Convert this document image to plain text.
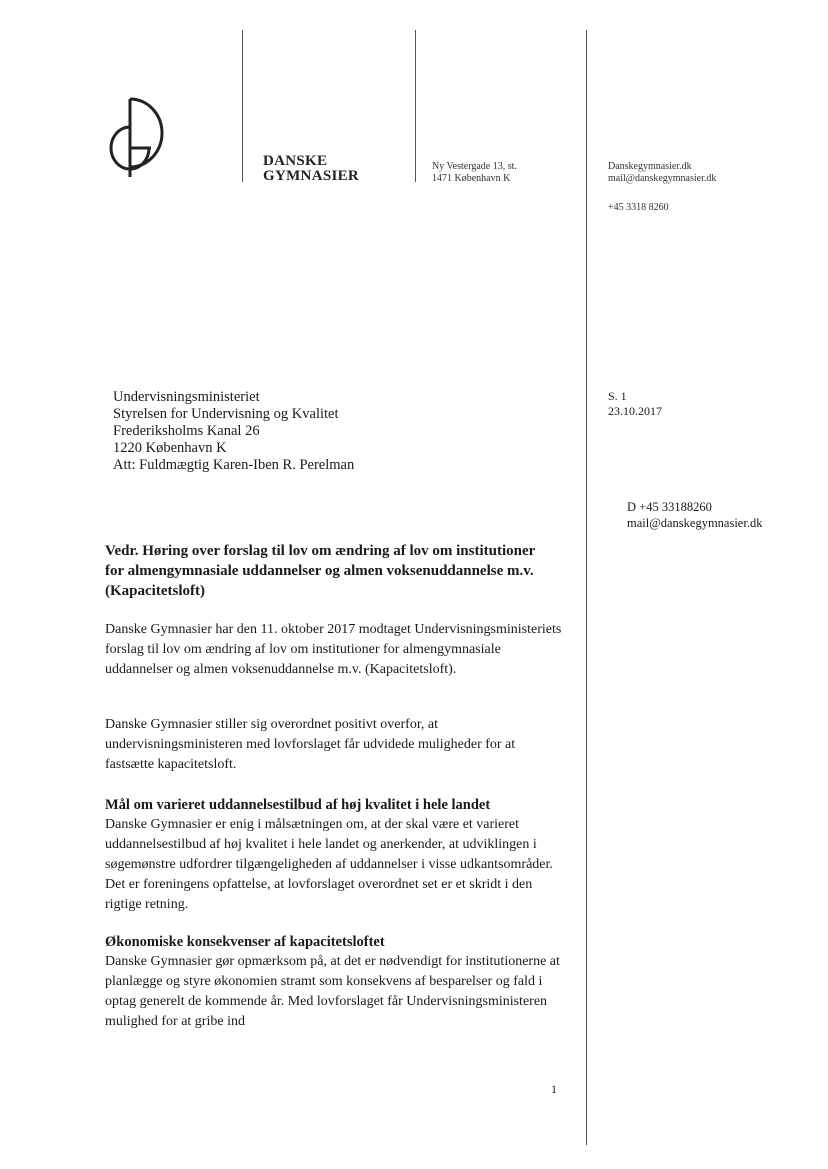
DANSKE
GYMNASIER
Ny Vestergade 13, st.
1471 København K
Danskegymnasier.dk
mail@danskegymnasier.dk
+45 3318 8260
Undervisningsministeriet
Styrelsen for Undervisning og Kvalitet
Frederiksholms Kanal 26
1220 København K
Att: Fuldmægtig Karen-Iben R. Perelman
S. 1
23.10.2017
D +45 33188260
mail@danskegymnasier.dk
Vedr. Høring over forslag til lov om ændring af lov om institutioner for almengymnasiale uddannelser og almen voksenuddannelse m.v. (Kapacitetsloft)
Danske Gymnasier har den 11. oktober 2017 modtaget Undervisningsministeriets forslag til lov om ændring af lov om institutioner for almengymnasiale uddannelser og almen voksenuddannelse m.v. (Kapacitetsloft).
Danske Gymnasier stiller sig overordnet positivt overfor, at undervisningsministeren med lovforslaget får udvidede muligheder for at fastsætte kapacitetsloft.
Mål om varieret uddannelsestilbud af høj kvalitet i hele landet
Danske Gymnasier er enig i målsætningen om, at der skal være et varieret uddannelsestilbud af høj kvalitet i hele landet og anerkender, at udviklingen i søgemønstre udfordrer tilgængeligheden af uddannelser i visse udkantsområder. Det er foreningens opfattelse, at lovforslaget overordnet set er et skridt i den rigtige retning.
Økonomiske konsekvenser af kapacitetsloftet
Danske Gymnasier gør opmærksom på, at det er nødvendigt for institutionerne at planlægge og styre økonomien stramt som konsekvens af besparelser og fald i optag generelt de kommende år. Med lovforslaget får Undervisningsministeren mulighed for at gribe ind
1
